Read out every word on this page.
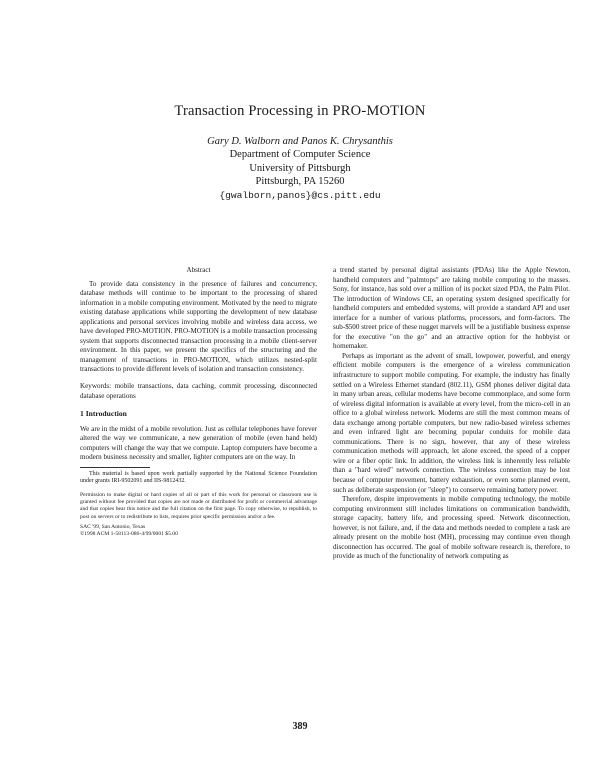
Transaction Processing in PRO-MOTION
Gary D. Walborn and Panos K. Chrysanthis
Department of Computer Science
University of Pittsburgh
Pittsburgh, PA 15260
{gwalborn,panos}@cs.pitt.edu
Abstract

To provide data consistency in the presence of failures and concurrency, database methods will continue to be important to the processing of shared information in a mobile computing environment. Motivated by the need to migrate existing database applications while supporting the development of new database applications and personal services involving mobile and wireless data access, we have developed PRO-MOTION. PRO-MOTION is a mobile transaction processing system that supports disconnected transaction processing in a mobile client-server environment. In this paper, we present the specifics of the structuring and the management of transactions in PRO-MOTION, which utilizes nested-split transactions to provide different levels of isolation and transaction consistency.

Keywords: mobile transactions, data caching, commit processing, disconnected database operations

1 Introduction

We are in the midst of a mobile revolution. Just as cellular telephones have forever altered the way we communicate, a new generation of mobile (even hand held) computers will change the way that we compute. Laptop computers have become a modern business necessity and smaller, lighter computers are on the way. In

This material is based upon work partially supported by the National Science Foundation under grants IRI-9502091 and IIS-9812432.

Permission to make digital or hard copies of all or part of this work for personal or classroom use is granted without fee provided that copies are not made or distributed for profit or commercial advantage and that copies bear this notice and the full citation on the first page. To copy otherwise, to republish, to post on servers or to redistribute to lists, requires prior specific permission and/or a fee.

SAC '99, San Antonio, Texas

©1998 ACM 1-58113-086-4/99/0001 $5.00

a trend started by personal digital assistants (PDAs) like the Apple Newton, handheld computers and "palmtops" are taking mobile computing to the masses. Sony, for instance, has sold over a million of its pocket sized PDA, the Palm Pilot. The introduction of Windows CE, an operating system designed specifically for handheld computers and embedded systems, will provide a standard API and user interface for a number of various platforms, processors, and form-factors. The sub-$500 street price of these nugget marvels will be a justifiable business expense for the executive "on the go" and an attractive option for the hobbyist or homemaker.

Perhaps as important as the advent of small, lowpower, powerful, and energy efficient mobile computers is the emergence of a wireless communication infrastructure to support mobile computing. For example, the industry has finally settled on a Wireless Ethernet standard (802.11), GSM phones deliver digital data in many urban areas, cellular modems have become commonplace, and some form of wireless digital information is available at every level, from the micro-cell in an office to a global wireless network. Modems are still the most common means of data exchange among portable computers, but new radio-based wireless schemes and even infrared light are becoming popular conduits for mobile data communications. There is no sign, however, that any of these wireless communication methods will approach, let alone exceed, the speed of a copper wire or a fiber optic link. In addition, the wireless link is inherently less reliable than a "hard wired" network connection. The wireless connection may be lost because of computer movement, battery exhaustion, or even some planned event, such as deliberate suspension (or "sleep") to conserve remaining battery power.

Therefore, despite improvements in mobile computing technology, the mobile computing environment still includes limitations on communication bandwidth, storage capacity, battery life, and processing speed. Network disconnection, however, is not failure, and, if the data and methods needed to complete a task are already present on the mobile host (MH), processing may continue even though disconnection has occurred. The goal of mobile software research is, therefore, to provide as much of the functionality of network computing as

389
